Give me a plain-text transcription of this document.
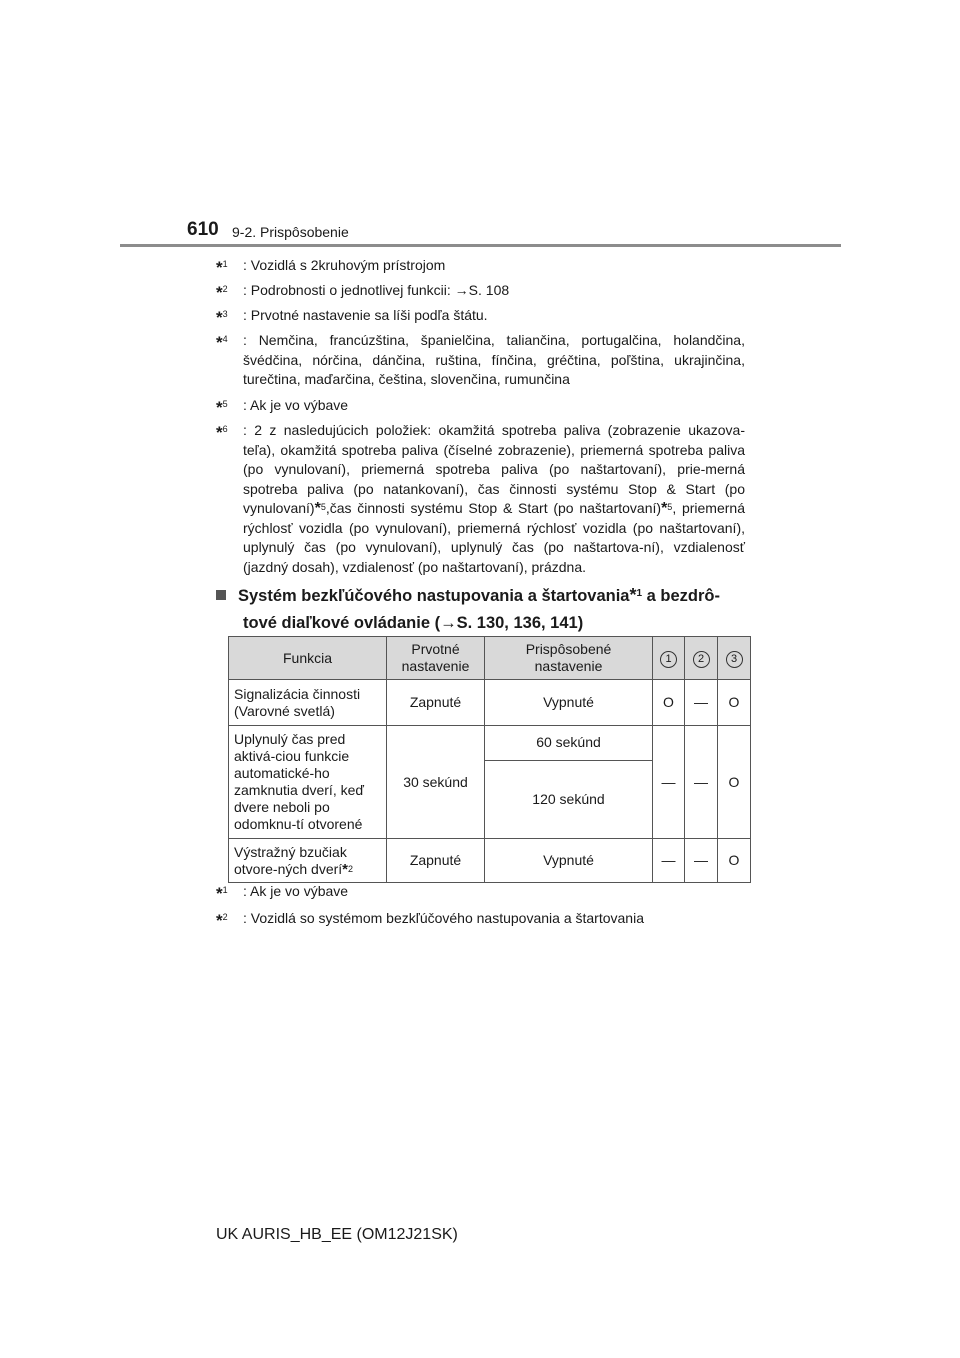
610 9-2. Prispôsobenie
*$^1$ : Vozidlá s 2kruhovým prístrojom
*$^2$ : Podrobnosti o jednotlivej funkcii: →S. 108
*$^3$ : Prvotné nastavenie sa líši podľa štátu.
*$^4$ : Nemčina, francúzština, španielčina, taliančina, portugalčina, holandčina, švédčina, nórčina, dánčina, ruština, fínčina, gréčtina, poľština, ukrajinčina, turečtina, maďarčina, čeština, slovenčina, rumunčina
*$^5$ : Ak je vo výbave
*$^6$ : 2 z nasledujúcich položiek: okamžitá spotreba paliva (zobrazenie ukazova-teľa), okamžitá spotreba paliva (číselné zobrazenie), priemerná spotreba paliva (po vynulovaní), priemerná spotreba paliva (po naštartovaní), prie-merná spotreba paliva (po natankovaní), čas činnosti systému Stop & Start (po vynulovaní)*$^5$,čas činnosti systému Stop & Start (po naštartovaní)*$^5$, priemerná rýchlosť vozidla (po vynulovaní), priemerná rýchlosť vozidla (po naštartovaní), uplynulý čas (po vynulovaní), uplynulý čas (po naštartova-ní), vzdialenosť (jazdný dosah), vzdialenosť (po naštartovaní), prázdna.
Systém bezkľúčového nastupovania a štartovania*$^1$ a bezdrô-
tové diaľkové ovládanie (→S. 130, 136, 141)
Funkcia	Prvotné nastavenie	Prispôsobené nastavenie	1	2	3
Signalizácia činnosti (Varovné svetlá)	Zapnuté	Vypnuté	O	—	O
Uplynulý čas pred aktivá-ciou funkcie automatické-ho zamknutia dverí, keď dvere neboli po odomknu-tí otvorené	30 sekúnd	60 sekúnd	—	—	O
		120 sekúnd			
Výstražný bzučiak otvore-ných dverí*$^2$	Zapnuté	Vypnuté	—	—	O
*$^1$ : Ak je vo výbave
*$^2$ : Vozidlá so systémom bezkľúčového nastupovania a štartovania
UK AURIS_HB_EE (OM12J21SK)
